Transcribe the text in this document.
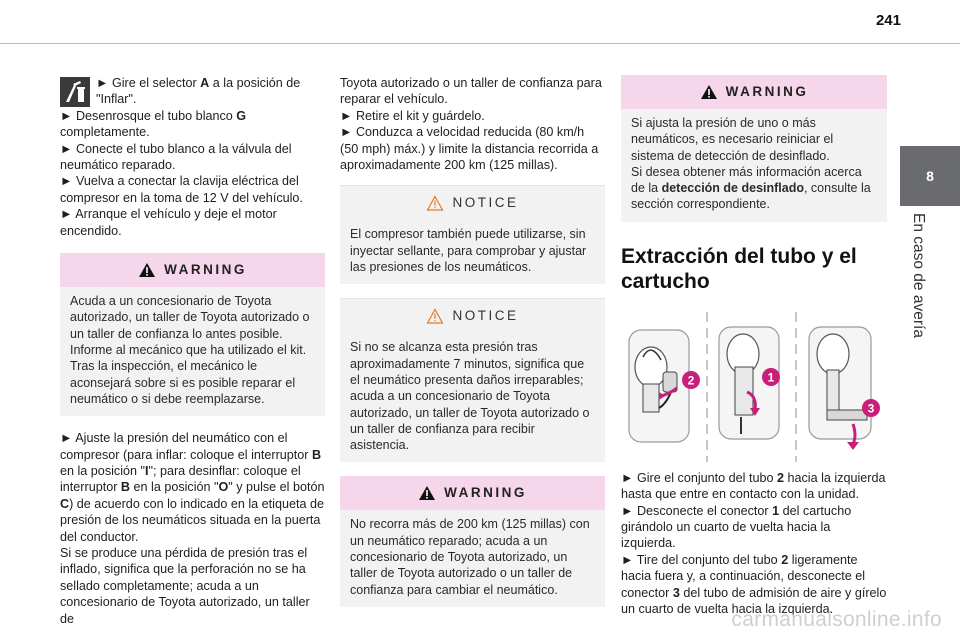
241
8
En caso de avería

► Gire el selector A a la posición de "Inflar".

► Desenrosque el tubo blanco G completamente.

► Conecte el tubo blanco a la válvula del neumático reparado.

► Vuelva a conectar la clavija eléctrica del compresor en la toma de 12 V del vehículo.

► Arranque el vehículo y deje el motor encendido.

WARNING
Acuda a un concesionario de Toyota autorizado, un taller de Toyota autorizado o un taller de confianza lo antes posible. Informe al mecánico que ha utilizado el kit. Tras la inspección, el mecánico le aconsejará sobre si es posible reparar el neumático o si debe reemplazarse.

► Ajuste la presión del neumático con el compresor (para inflar: coloque el interruptor B en la posición "I"; para desinflar: coloque el interruptor B en la posición "O" y pulse el botón C) de acuerdo con lo indicado en la etiqueta de presión de los neumáticos situada en la puerta del conductor.

Si se produce una pérdida de presión tras el inflado, significa que la perforación no se ha sellado completamente; acuda a un concesionario de Toyota autorizado, un taller de

Toyota autorizado o un taller de confianza para reparar el vehículo.

► Retire el kit y guárdelo.

► Conduzca a velocidad reducida (80 km/h (50 mph) máx.) y limite la distancia recorrida a aproximadamente 200 km (125 millas).

NOTICE
El compresor también puede utilizarse, sin inyectar sellante, para comprobar y ajustar las presiones de los neumáticos.
NOTICE
Si no se alcanza esta presión tras aproximadamente 7 minutos, significa que el neumático presenta daños irreparables; acuda a un concesionario de Toyota autorizado, un taller de Toyota autorizado o un taller de confianza para recibir asistencia.
WARNING
No recorra más de 200 km (125 millas) con un neumático reparado; acuda a un concesionario de Toyota autorizado, un taller de Toyota autorizado o un taller de confianza para cambiar el neumático.
WARNING
Si ajusta la presión de uno o más neumáticos, es necesario reiniciar el sistema de detección de desinflado.
Si desea obtener más información acerca de la detección de desinflado, consulte la sección correspondiente.
Extracción del tubo y el cartucho
2	1
3

► Gire el conjunto del tubo 2 hacia la izquierda hasta que entre en contacto con la unidad.

► Desconecte el conector 1 del cartucho girándolo un cuarto de vuelta hacia la izquierda.

► Tire del conjunto del tubo 2 ligeramente hacia fuera y, a continuación, desconecte el conector 3 del tubo de admisión de aire y gírelo un cuarto de vuelta hacia la izquierda.

carmanualsonline.info
